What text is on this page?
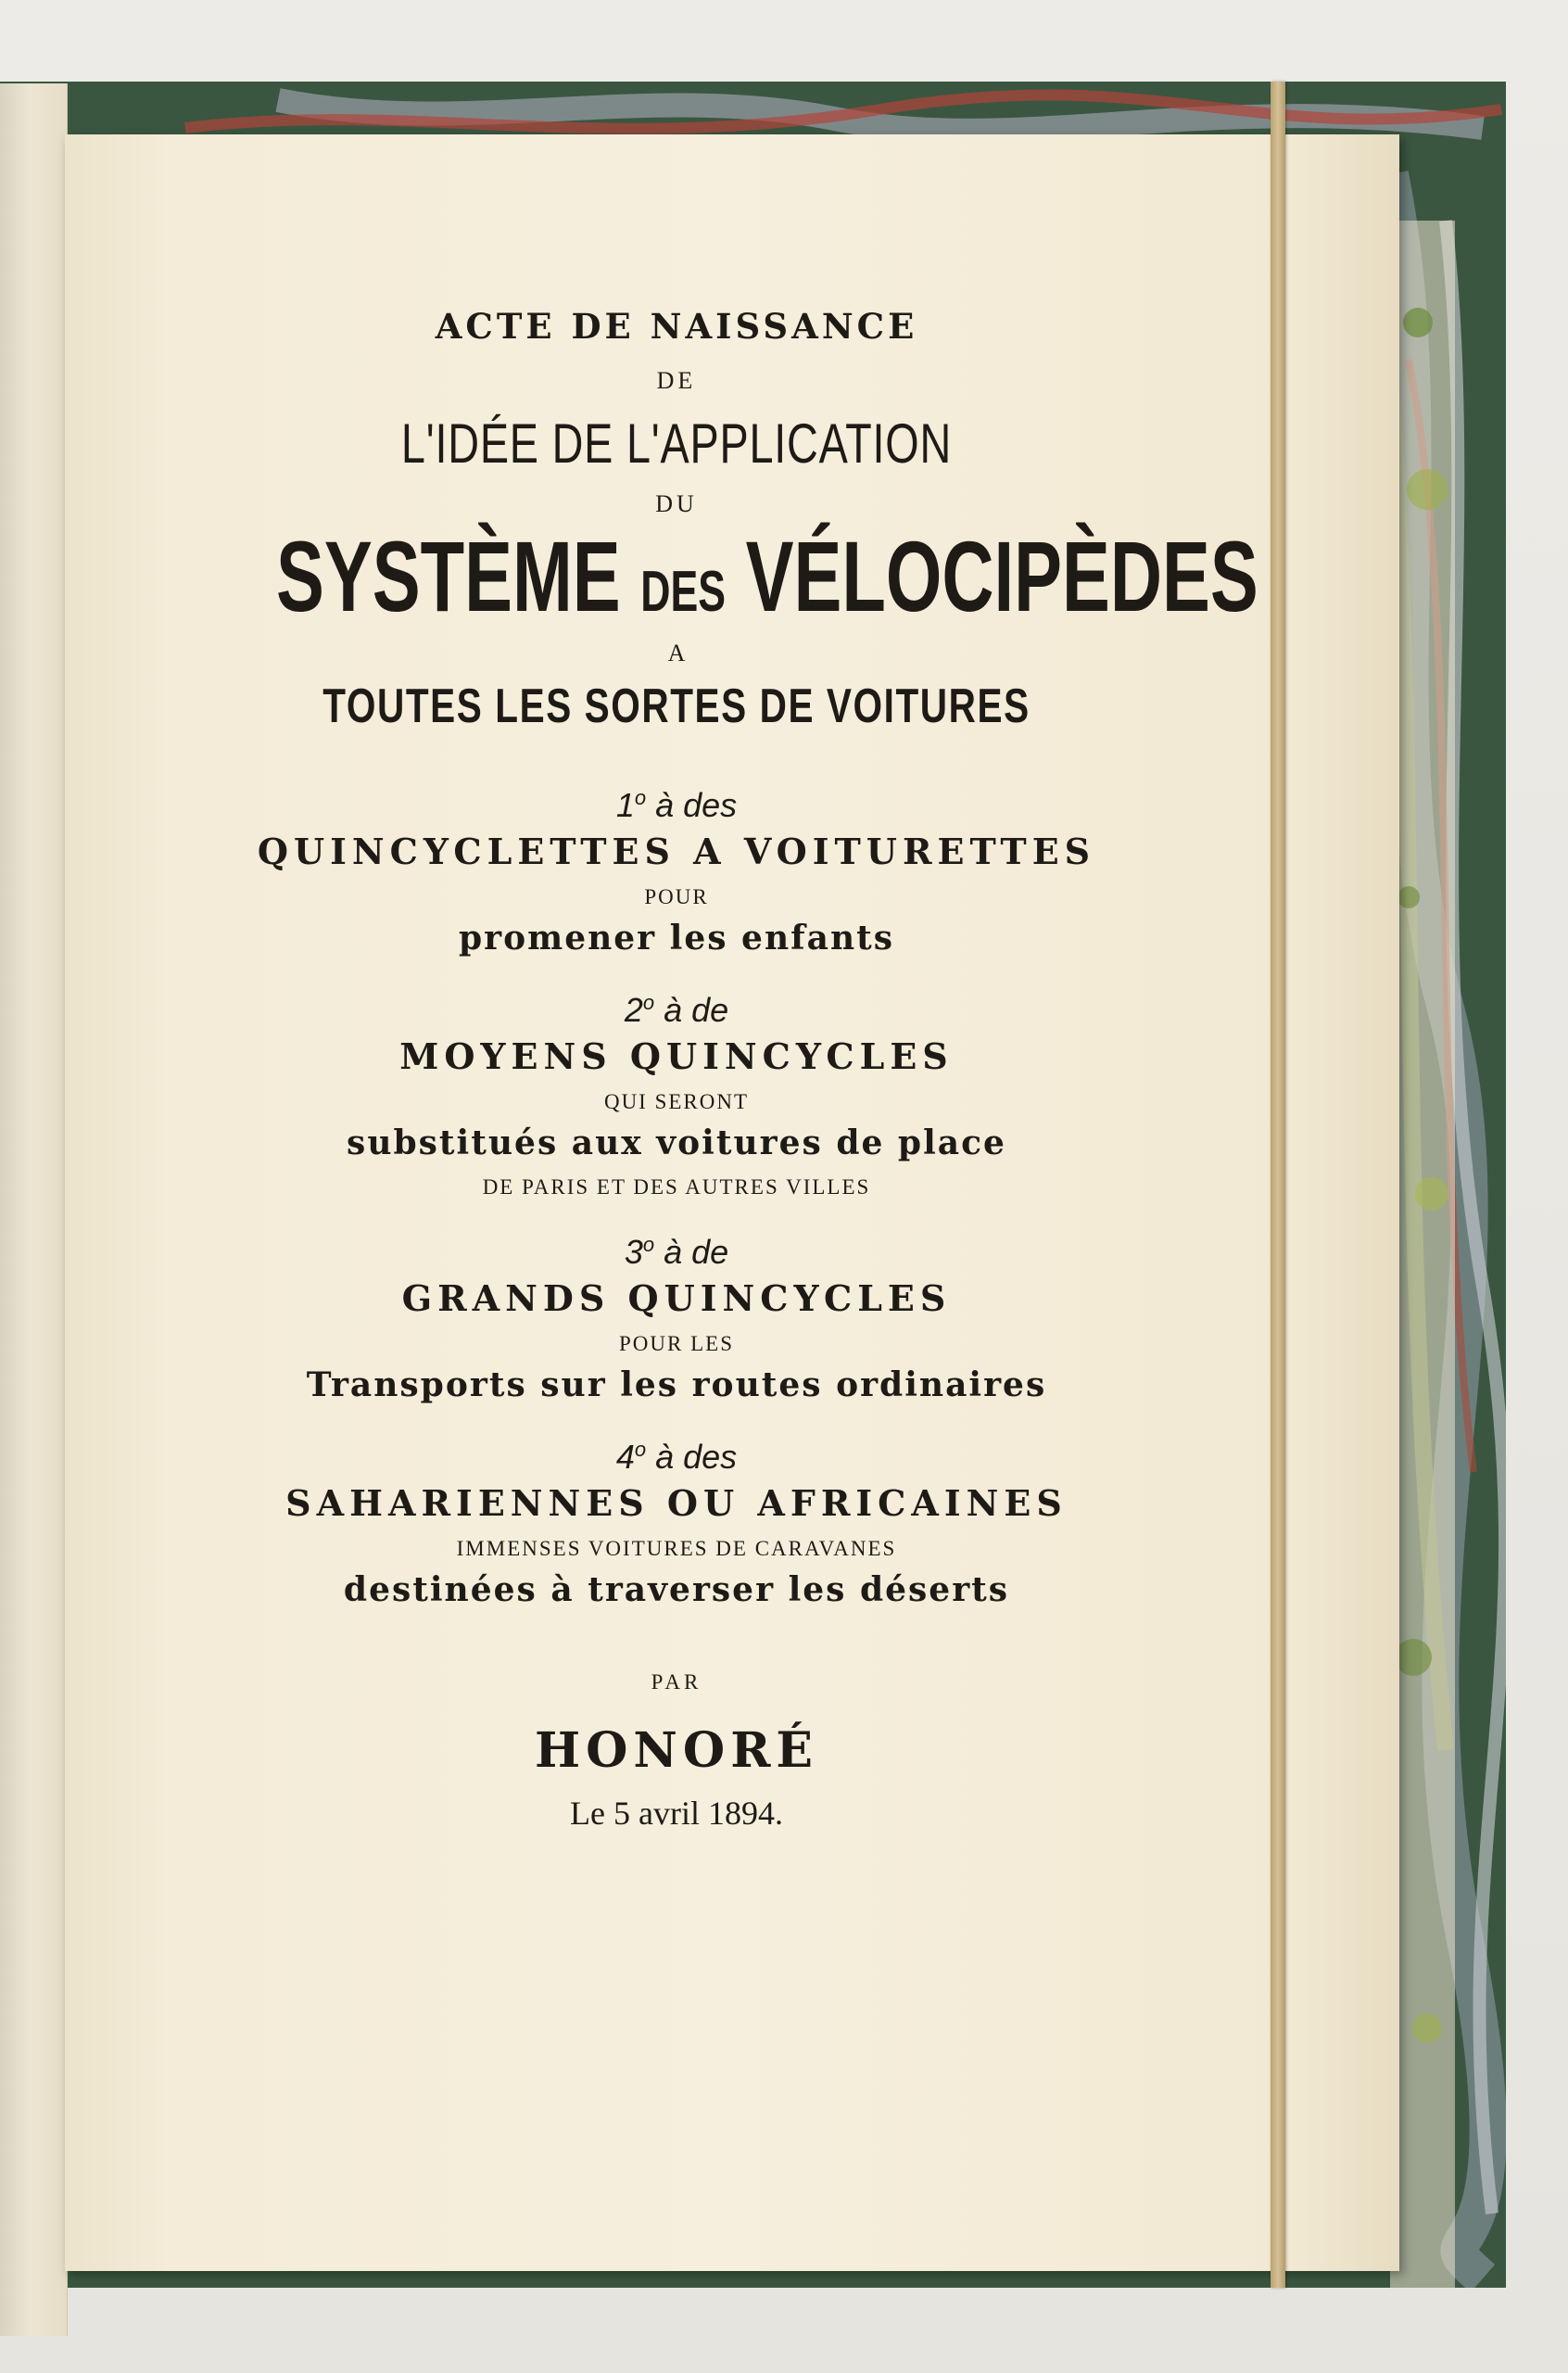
ACTE DE NAISSANCE
DE
L'IDÉE DE L'APPLICATION
DU
SYSTÈME DES VÉLOCIPÈDES
A
TOUTES LES SORTES DE VOITURES
1$^o$ à des
QUINCYCLETTES A VOITURETTES
POUR
promener les enfants
2$^o$ à de
MOYENS QUINCYCLES
QUI SERONT
substitués aux voitures de place
DE PARIS ET DES AUTRES VILLES
3$^o$ à de
GRANDS QUINCYCLES
POUR LES
Transports sur les routes ordinaires
4$^o$ à des
SAHARIENNES OU AFRICAINES
IMMENSES VOITURES DE CARAVANES
destinées à traverser les déserts
PAR
HONORÉ
Le 5 avril 1894.
